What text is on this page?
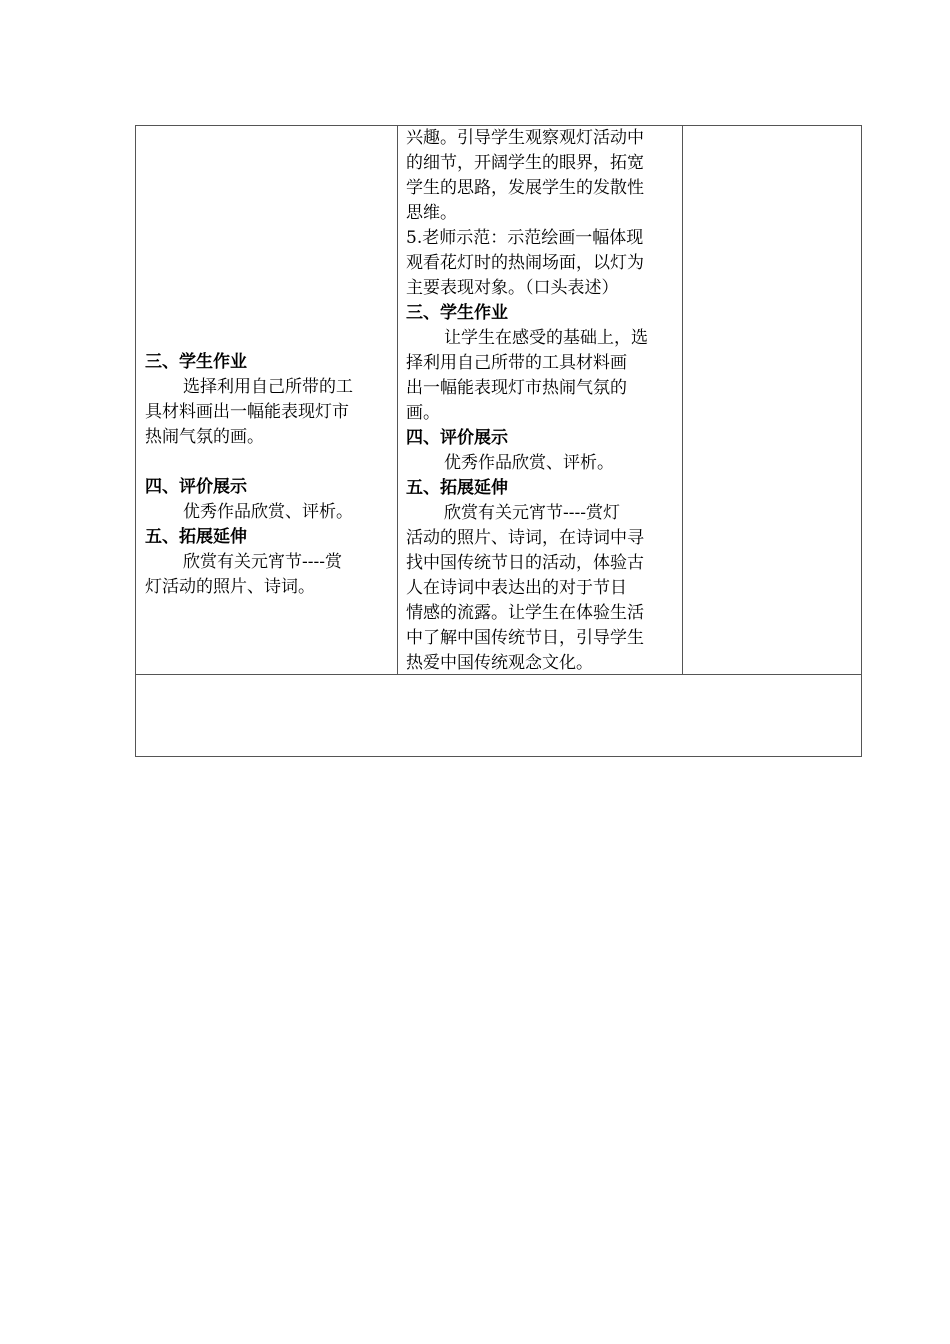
三、学生作业
选择利用自己所带的工
具材料画出一幅能表现灯市
热闹气氛的画。
四、评价展示
优秀作品欣赏、评析。
五、拓展延伸
欣赏有关元宵节----赏
灯活动的照片、诗词。
兴趣。引导学生观察观灯活动中
的细节，开阔学生的眼界，拓宽
学生的思路，发展学生的发散性
思维。
5.老师示范：示范绘画一幅体现
观看花灯时的热闹场面，以灯为
主要表现对象。（口头表述）
三、学生作业
让学生在感受的基础上，选
择利用自己所带的工具材料画
出一幅能表现灯市热闹气氛的
画。
四、评价展示
优秀作品欣赏、评析。
五、拓展延伸
欣赏有关元宵节----赏灯
活动的照片、诗词，在诗词中寻
找中国传统节日的活动，体验古
人在诗词中表达出的对于节日
情感的流露。让学生在体验生活
中了解中国传统节日，引导学生
热爱中国传统观念文化。
